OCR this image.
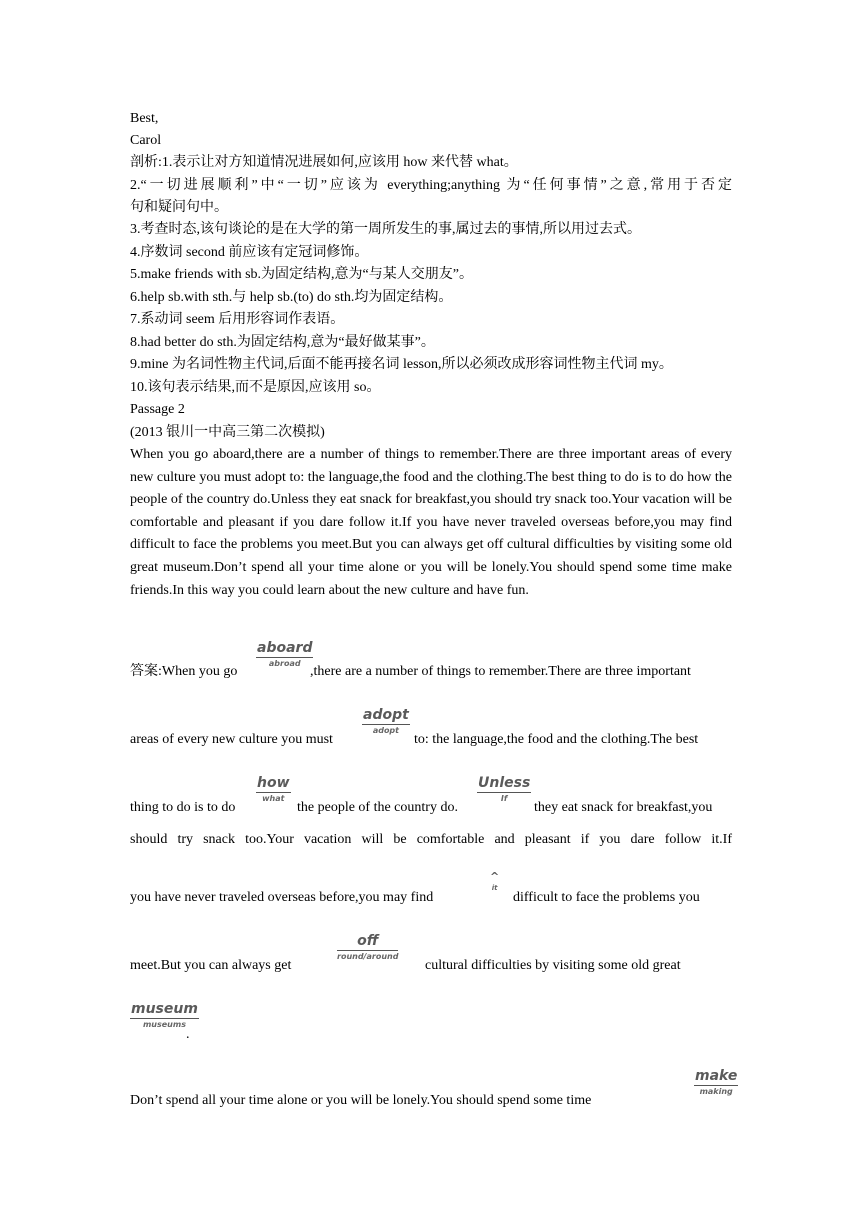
Best,
Carol
剖析:1.表示让对方知道情况进展如何,应该用 how 来代替 what。
2.“一切进展顺利”中“一切”应该为 everything;anything 为“任何事情”之意,常用于否定
句和疑问句中。
3.考查时态,该句谈论的是在大学的第一周所发生的事,属过去的事情,所以用过去式。
4.序数词 second 前应该有定冠词修饰。
5.make friends with sb.为固定结构,意为“与某人交朋友”。
6.help sb.with sth.与 help sb.(to) do sth.均为固定结构。
7.系动词 seem 后用形容词作表语。
8.had better do sth.为固定结构,意为“最好做某事”。
9.mine 为名词性物主代词,后面不能再接名词 lesson,所以必须改成形容词性物主代词 my。
10.该句表示结果,而不是原因,应该用 so。
Passage 2
(2013 银川一中高三第二次模拟)
When you go aboard,there are a number of things to remember.There are three important areas of every new culture you must adopt to: the language,the food and the clothing.The best thing to do is to do how the people of the country do.Unless they eat snack for breakfast,you should try snack too.Your vacation will be comfortable and pleasant if you dare follow it.If you have never traveled overseas before,you may find difficult to face the problems you meet.But you can always get off cultural difficulties by visiting some old great museum.Don’t spend all your time alone or you will be lonely.You should spend some time make friends.In this way you could learn about the new culture and have fun.
答案:When you go	,there are a number of things to remember.There are three important
aboard
abroad
areas of every new culture you must	to: the language,the food and the clothing.The best
adopt
adopt
thing to do is to do	the people of the country do.	they eat snack for breakfast,you
how
what
Unless
If
should try snack too.Your vacation will be comfortable and pleasant if you dare follow it.If
you have never traveled overseas before,you may find	difficult to face the problems you
^
it
meet.But you can always get	cultural difficulties by visiting some old great
off
round/around
museum
museums
.
Don’t spend all your time alone or you will be lonely.You should spend some time
make
making
